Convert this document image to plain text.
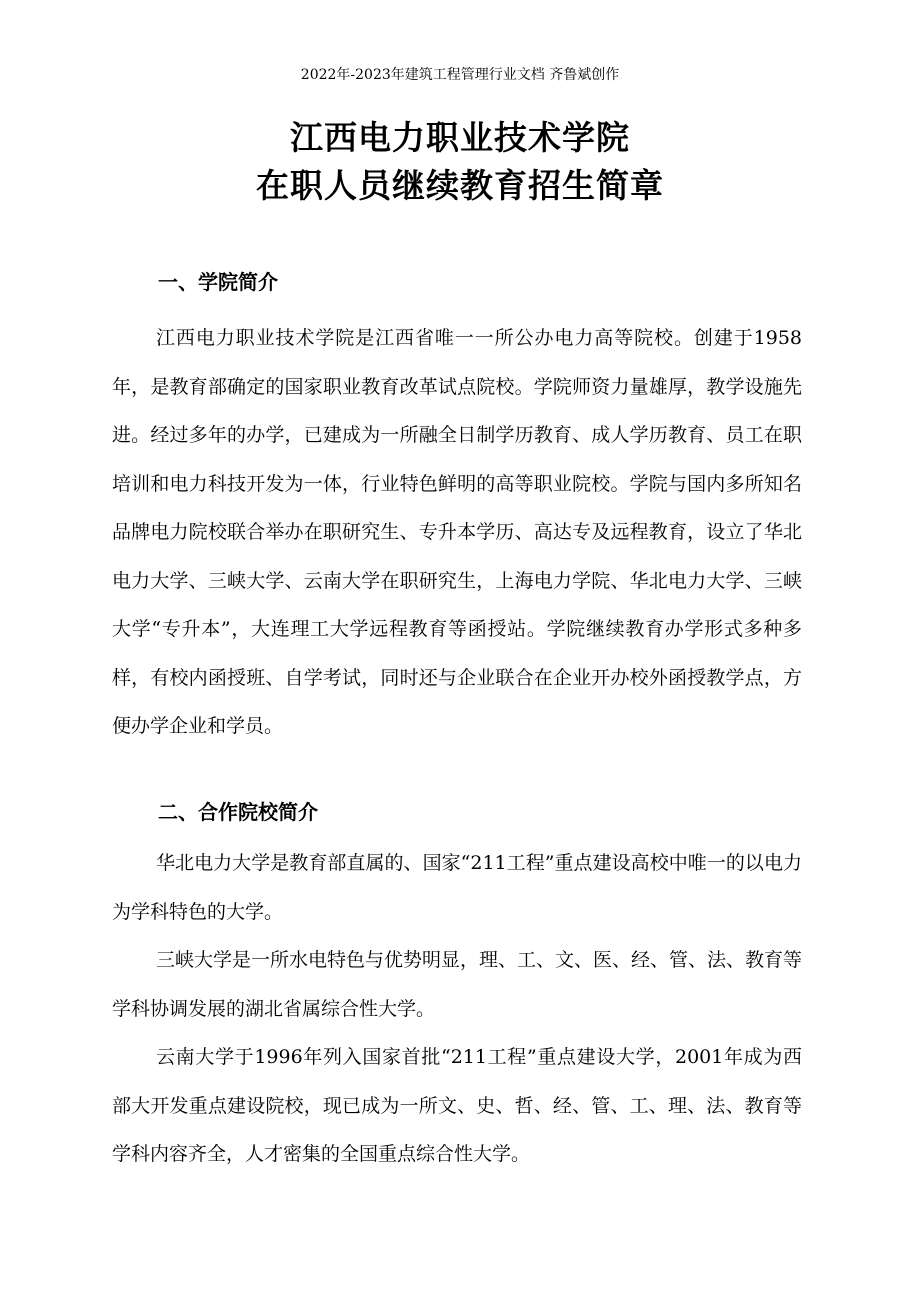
2022年-2023年建筑工程管理行业文档 齐鲁斌创作
江西电力职业技术学院
在职人员继续教育招生简章
一、学院简介
江西电力职业技术学院是江西省唯一一所公办电力高等院校。创建于1958年，是教育部确定的国家职业教育改革试点院校。学院师资力量雄厚，教学设施先进。经过多年的办学，已建成为一所融全日制学历教育、成人学历教育、员工在职培训和电力科技开发为一体，行业特色鲜明的高等职业院校。学院与国内多所知名品牌电力院校联合举办在职研究生、专升本学历、高达专及远程教育，设立了华北电力大学、三峡大学、云南大学在职研究生，上海电力学院、华北电力大学、三峡大学“专升本”，大连理工大学远程教育等函授站。学院继续教育办学形式多种多样，有校内函授班、自学考试，同时还与企业联合在企业开办校外函授教学点，方便办学企业和学员。
二、合作院校简介
华北电力大学是教育部直属的、国家“211工程”重点建设高校中唯一的以电力为学科特色的大学。
三峡大学是一所水电特色与优势明显，理、工、文、医、经、管、法、教育等学科协调发展的湖北省属综合性大学。
云南大学于1996年列入国家首批“211工程”重点建设大学，2001年成为西部大开发重点建设院校，现已成为一所文、史、哲、经、管、工、理、法、教育等学科内容齐全，人才密集的全国重点综合性大学。
